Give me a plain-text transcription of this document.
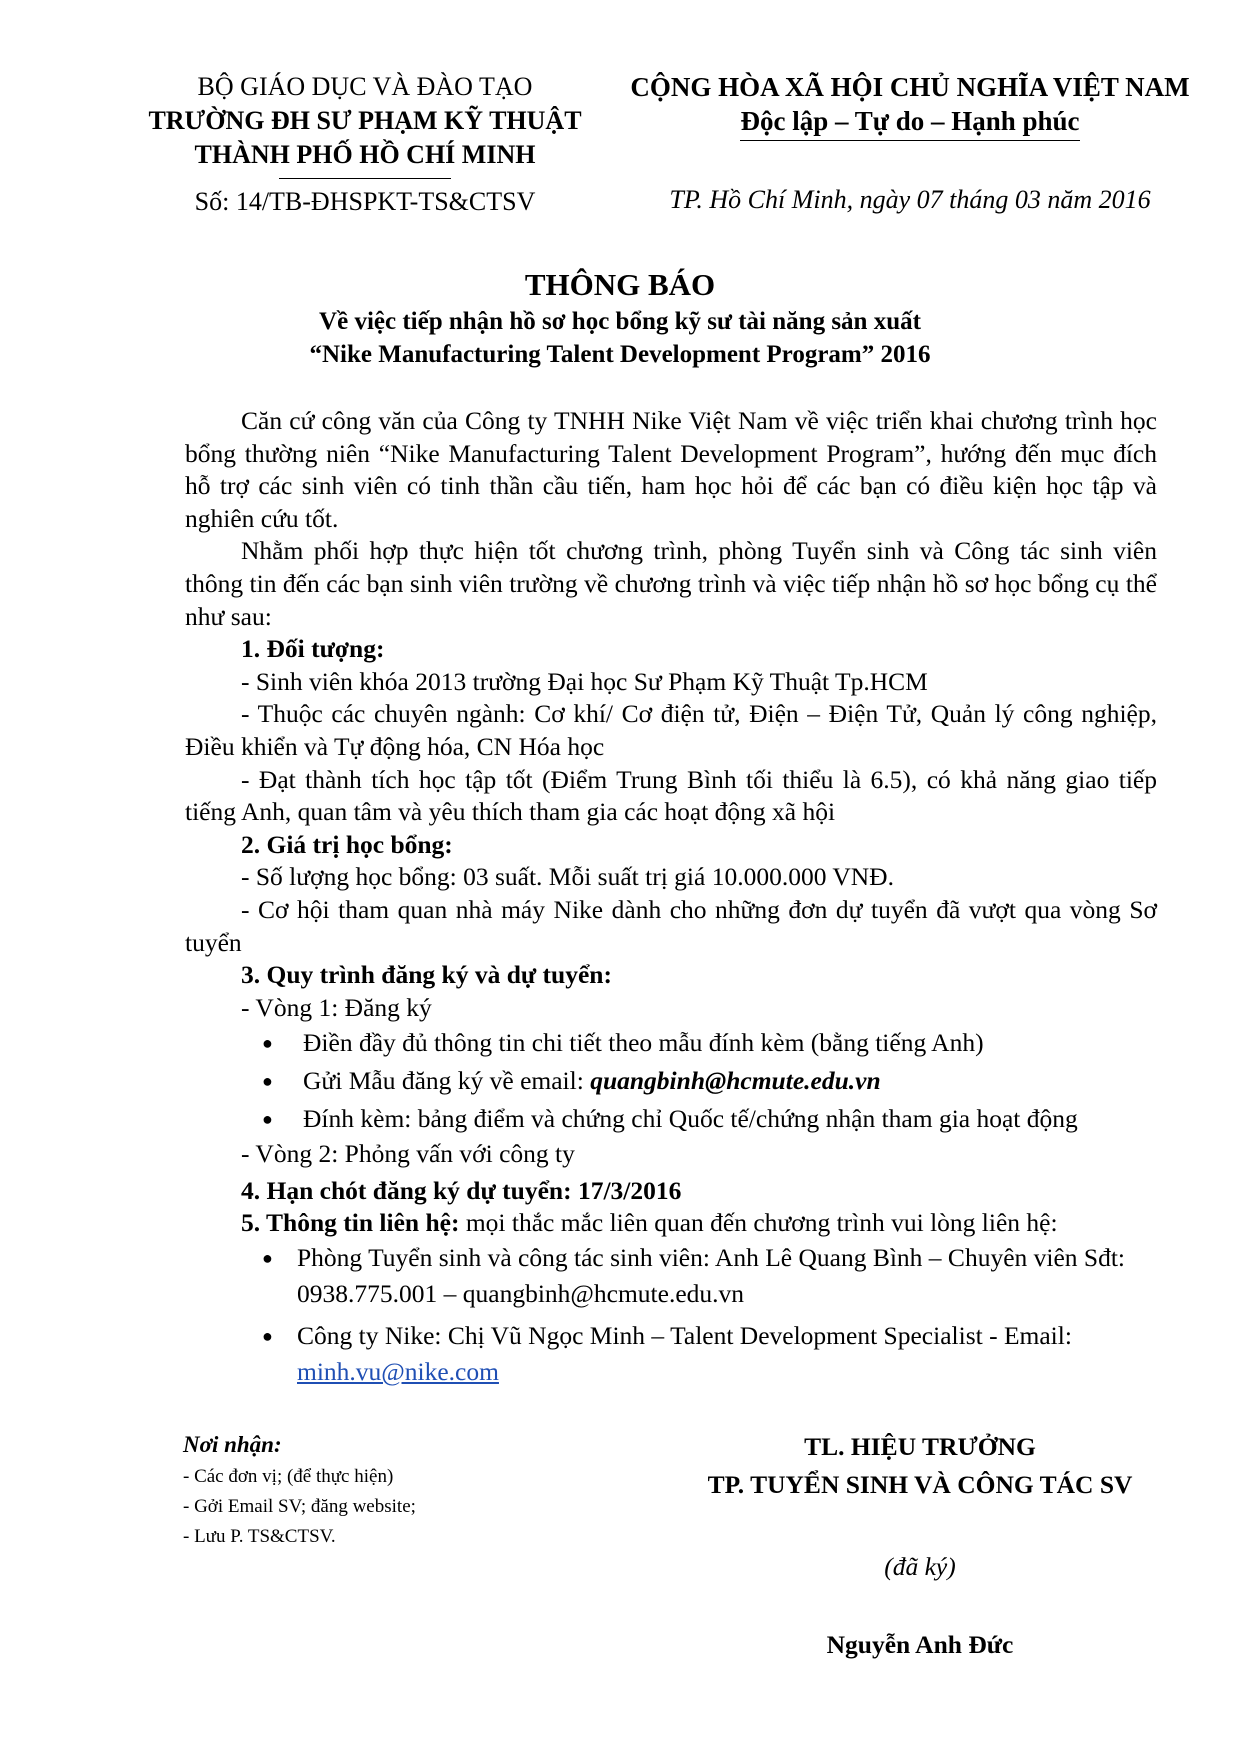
BỘ GIÁO DỤC VÀ ĐÀO TẠO
TRƯỜNG ĐH SƯ PHẠM KỸ THUẬT
THÀNH PHỐ HỒ CHÍ MINH
Số: 14/TB-ĐHSPKT-TS&CTSV
CỘNG HÒA XÃ HỘI CHỦ NGHĨA VIỆT NAM
Độc lập – Tự do – Hạnh phúc
TP. Hồ Chí Minh, ngày 07 tháng 03 năm 2016
THÔNG BÁO
Về việc tiếp nhận hồ sơ học bổng kỹ sư tài năng sản xuất
“Nike Manufacturing Talent Development Program” 2016

Căn cứ công văn của Công ty TNHH Nike Việt Nam về việc triển khai chương trình học bổng thường niên “Nike Manufacturing Talent Development Program”, hướng đến mục đích hỗ trợ các sinh viên có tinh thần cầu tiến, ham học hỏi để các bạn có điều kiện học tập và nghiên cứu tốt.

Nhằm phối hợp thực hiện tốt chương trình, phòng Tuyển sinh và Công tác sinh viên thông tin đến các bạn sinh viên trường về chương trình và việc tiếp nhận hồ sơ học bổng cụ thể như sau:

1. Đối tượng:

- Sinh viên khóa 2013 trường Đại học Sư Phạm Kỹ Thuật Tp.HCM

- Thuộc các chuyên ngành: Cơ khí/ Cơ điện tử, Điện – Điện Tử, Quản lý công nghiệp, Điều khiển và Tự động hóa, CN Hóa học

- Đạt thành tích học tập tốt (Điểm Trung Bình tối thiểu là 6.5), có khả năng giao tiếp tiếng Anh, quan tâm và yêu thích tham gia các hoạt động xã hội

2. Giá trị học bổng:

- Số lượng học bổng: 03 suất. Mỗi suất trị giá 10.000.000 VNĐ.

- Cơ hội tham quan nhà máy Nike dành cho những đơn dự tuyển đã vượt qua vòng Sơ tuyển

3. Quy trình đăng ký và dự tuyển:

- Vòng 1: Đăng ký

● Điền đầy đủ thông tin chi tiết theo mẫu đính kèm (bằng tiếng Anh)
● Gửi Mẫu đăng ký về email: quangbinh@hcmute.edu.vn
● Đính kèm: bảng điểm và chứng chỉ Quốc tế/chứng nhận tham gia hoạt động

- Vòng 2: Phỏng vấn với công ty

4. Hạn chót đăng ký dự tuyển: 17/3/2016

5. Thông tin liên hệ: mọi thắc mắc liên quan đến chương trình vui lòng liên hệ:

● Phòng Tuyển sinh và công tác sinh viên: Anh Lê Quang Bình – Chuyên viên Sđt: 0938.775.001 – quangbinh@hcmute.edu.vn
● Công ty Nike: Chị Vũ Ngọc Minh – Talent Development Specialist - Email: minh.vu@nike.com
Nơi nhận:
- Các đơn vị; (để thực hiện)
- Gởi Email SV; đăng website;
- Lưu P. TS&CTSV.
TL. HIỆU TRƯỞNG
TP. TUYỂN SINH VÀ CÔNG TÁC SV
(đã ký)
Nguyễn Anh Đức
